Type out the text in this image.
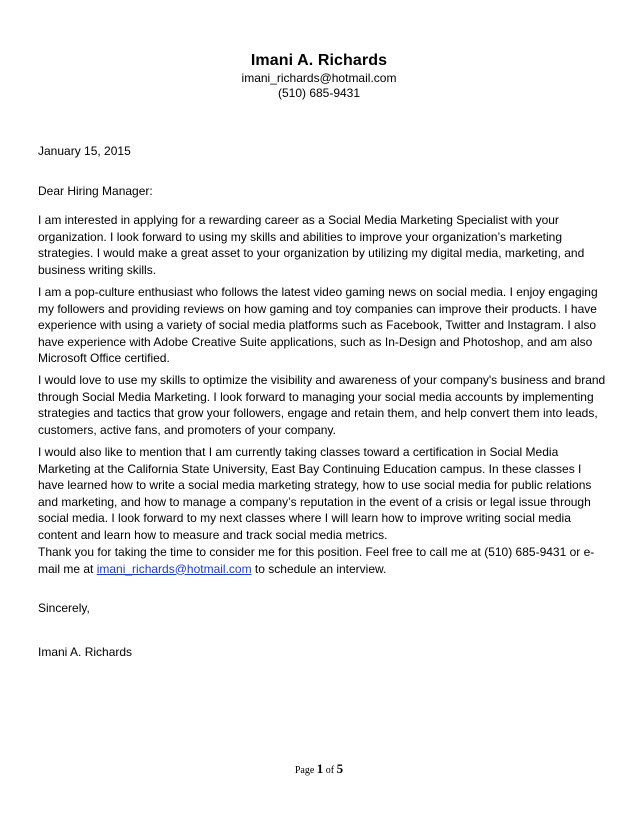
Imani A. Richards
imani_richards@hotmail.com
(510) 685-9431
January 15, 2015
Dear Hiring Manager:
I am interested in applying for a rewarding career as a Social Media Marketing Specialist with your organization. I look forward to using my skills and abilities to improve your organization’s marketing strategies. I would make a great asset to your organization by utilizing my digital media, marketing, and business writing skills.
I am a pop-culture enthusiast who follows the latest video gaming news on social media. I enjoy engaging my followers and providing reviews on how gaming and toy companies can improve their products. I have experience with using a variety of social media platforms such as Facebook, Twitter and Instagram. I also have experience with Adobe Creative Suite applications, such as In-Design and Photoshop, and am also Microsoft Office certified.
I would love to use my skills to optimize the visibility and awareness of your company's business and brand through Social Media Marketing. I look forward to managing your social media accounts by implementing strategies and tactics that grow your followers, engage and retain them, and help convert them into leads, customers, active fans, and promoters of your company.
I would also like to mention that I am currently taking classes toward a certification in Social Media Marketing at the California State University, East Bay Continuing Education campus. In these classes I have learned how to write a social media marketing strategy, how to use social media for public relations and marketing, and how to manage a company’s reputation in the event of a crisis or legal issue through social media. I look forward to my next classes where I will learn how to improve writing social media content and learn how to measure and track social media metrics.
Thank you for taking the time to consider me for this position. Feel free to call me at (510) 685-9431 or e-mail me at imani_richards@hotmail.com to schedule an interview.
Sincerely,
Imani A. Richards
Page 1 of 5
